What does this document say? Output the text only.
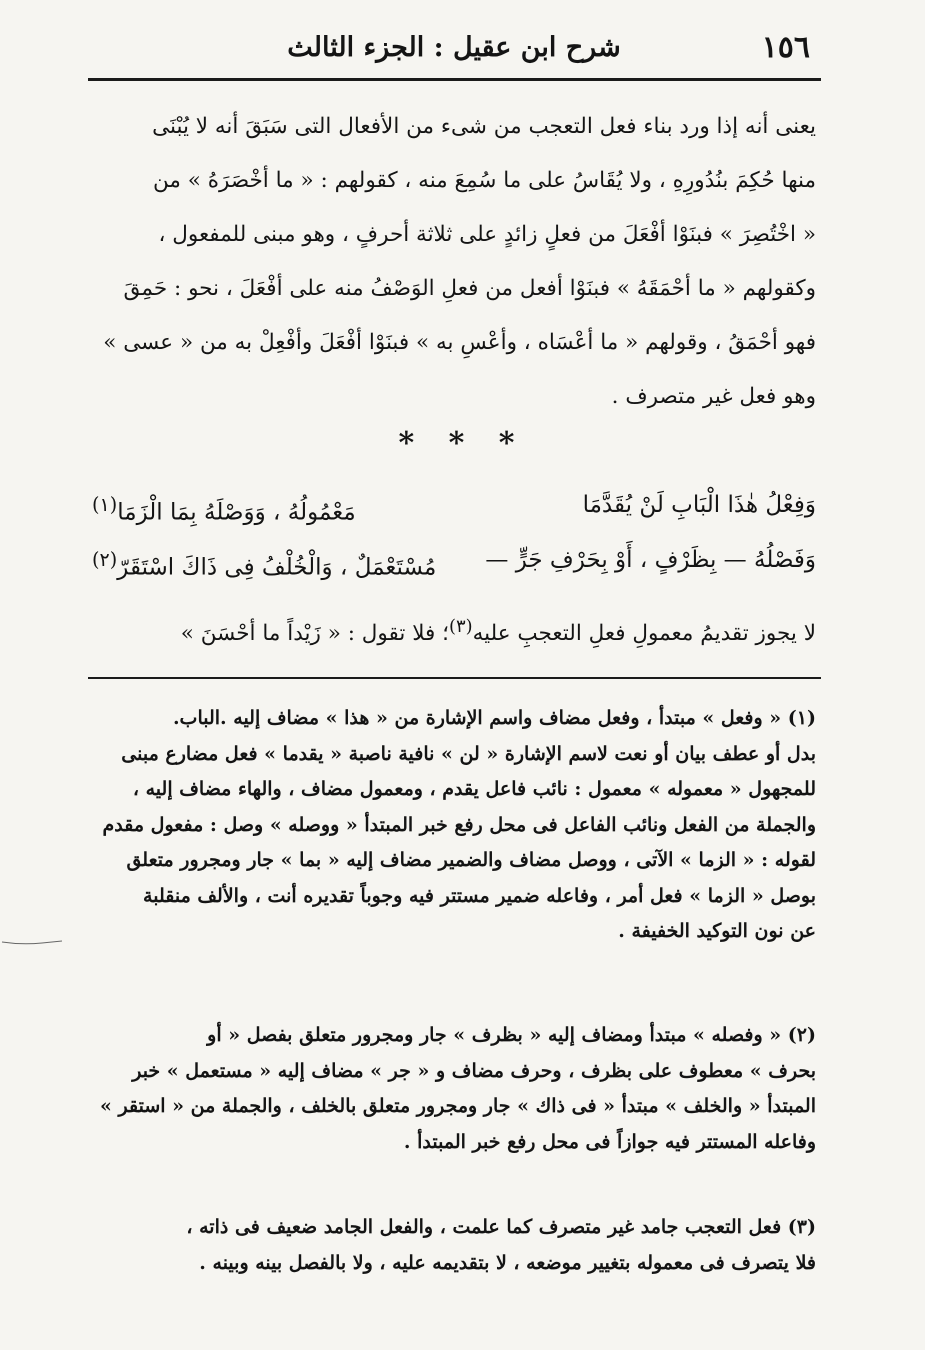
١٥٦
شرح ابن عقيل : الجزء الثالث

يعنى أنه إذا ورد بناء فعل التعجب من شىء من الأفعال التى سَبَقَ أنه لا يُبْنَى

منها حُكِمَ بنُدُورِهِ ، ولا يُقَاسُ على ما سُمِعَ منه ، كقولهم : « ما أخْصَرَهُ » من

« اخْتُصِرَ » فبنَوْا أفْعَلَ من فعلٍ زائدٍ على ثلاثة أحرفٍ ، وهو مبنى للمفعول ،

وكقولهم « ما أحْمَقَهُ » فبنَوْا أفعل من فعلِ الوَصْفُ منه على أفْعَلَ ، نحو : حَمِقَ

فهو أحْمَقُ ، وقولهم « ما أعْسَاه ، وأعْسِ به » فبنَوْا أفْعَلَ وأفْعِلْ به من « عسى »

وهو فعل غير متصرف .

* * *
وَفِعْلُ هٰذَا الْبَابِ لَنْ يُقَدَّمَا
مَعْمُولُهُ ، وَوَصْلَهُ بِمَا الْزَمَا$^{(١)}$
وَفَصْلُهُ — بِظَرْفٍ ، أَوْ بِحَرْفِ جَرٍّ —
مُسْتَعْمَلٌ ، وَالْخُلْفُ فِى ذَاكَ اسْتَقَرّ$^{(٢)}$
لا يجوز تقديمُ معمولِ فعلِ التعجبِ عليه$^{(٣)}$؛ فلا تقول : « زَيْداً ما أحْسَنَ »

(١) « وفعل » مبتدأ ، وفعل مضاف واسم الإشارة من « هذا » مضاف إليه .الباب.

بدل أو عطف بيان أو نعت لاسم الإشارة « لن » نافية ناصبة « يقدما » فعل مضارع مبنى

للمجهول « معموله » معمول : نائب فاعل يقدم ، ومعمول مضاف ، والهاء مضاف إليه ،

والجملة من الفعل ونائب الفاعل فى محل رفع خبر المبتدأ « ووصله » وصل : مفعول مقدم

لقوله : « الزما » الآتى ، ووصل مضاف والضمير مضاف إليه « بما » جار ومجرور متعلق

بوصل « الزما » فعل أمر ، وفاعله ضمير مستتر فيه وجوباً تقديره أنت ، والألف منقلبة

عن نون التوكيد الخفيفة .

(٢) « وفصله » مبتدأ ومضاف إليه « بظرف » جار ومجرور متعلق بفصل « أو

بحرف » معطوف على بظرف ، وحرف مضاف و « جر » مضاف إليه « مستعمل » خبر

المبتدأ « والخلف » مبتدأ « فى ذاك » جار ومجرور متعلق بالخلف ، والجملة من « استقر »

وفاعله المستتر فيه جوازاً فى محل رفع خبر المبتدأ .

(٣) فعل التعجب جامد غير متصرف كما علمت ، والفعل الجامد ضعيف فى ذاته ،

فلا يتصرف فى معموله بتغيير موضعه ، لا بتقديمه عليه ، ولا بالفصل بينه وبينه .
